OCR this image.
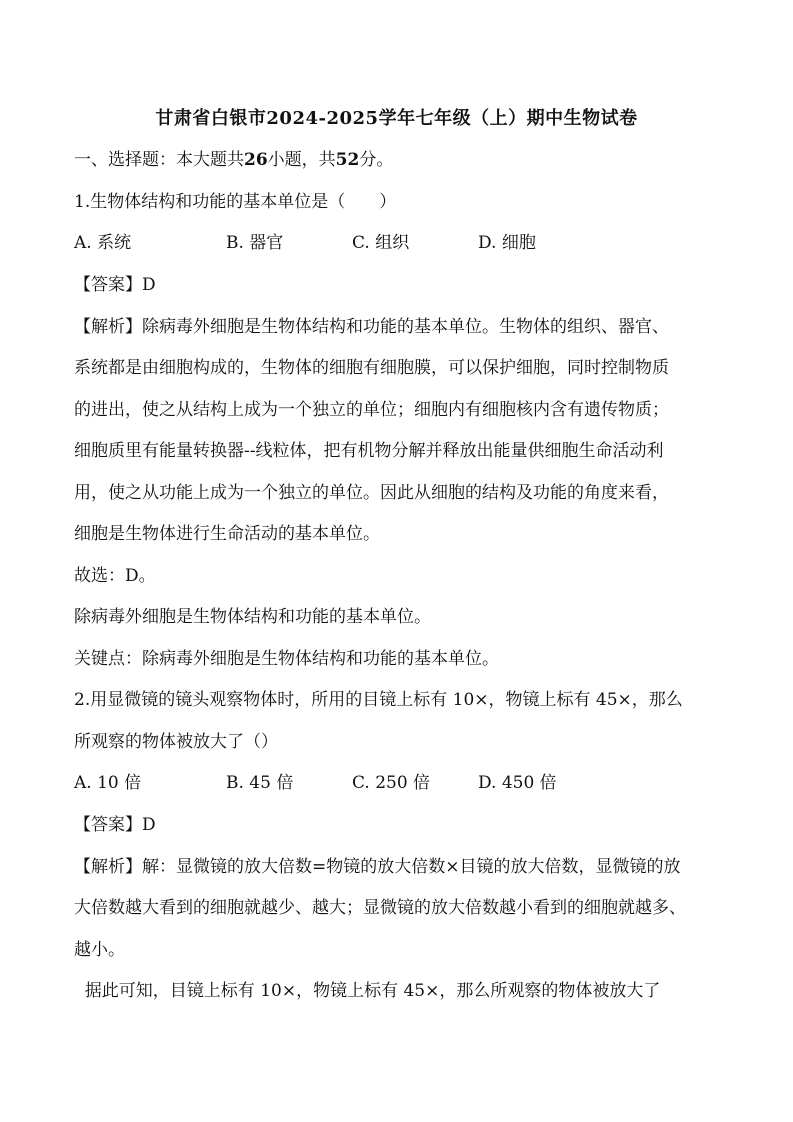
甘肃省白银市2024-2025学年七年级（上）期中生物试卷
一、选择题：本大题共26小题，共52分。
1.生物体结构和功能的基本单位是（　　）
A. 系统	B. 器官	C. 组织	D. 细胞
【答案】D
【解析】除病毒外细胞是生物体结构和功能的基本单位。生物体的组织、器官、
系统都是由细胞构成的，生物体的细胞有细胞膜，可以保护细胞，同时控制物质
的进出，使之从结构上成为一个独立的单位；细胞内有细胞核内含有遗传物质；
细胞质里有能量转换器--线粒体，把有机物分解并释放出能量供细胞生命活动利
用，使之从功能上成为一个独立的单位。因此从细胞的结构及功能的角度来看，
细胞是生物体进行生命活动的基本单位。
故选：D。
除病毒外细胞是生物体结构和功能的基本单位。
关键点：除病毒外细胞是生物体结构和功能的基本单位。
2.用显微镜的镜头观察物体时，所用的目镜上标有 10×，物镜上标有 45×，那么
所观察的物体被放大了（）
A. 10 倍	B. 45 倍	C. 250 倍	D. 450 倍
【答案】D
【解析】解：显微镜的放大倍数=物镜的放大倍数×目镜的放大倍数，显微镜的放
大倍数越大看到的细胞就越少、越大；显微镜的放大倍数越小看到的细胞就越多、
越小。
据此可知，目镜上标有 10×，物镜上标有 45×，那么所观察的物体被放大了
